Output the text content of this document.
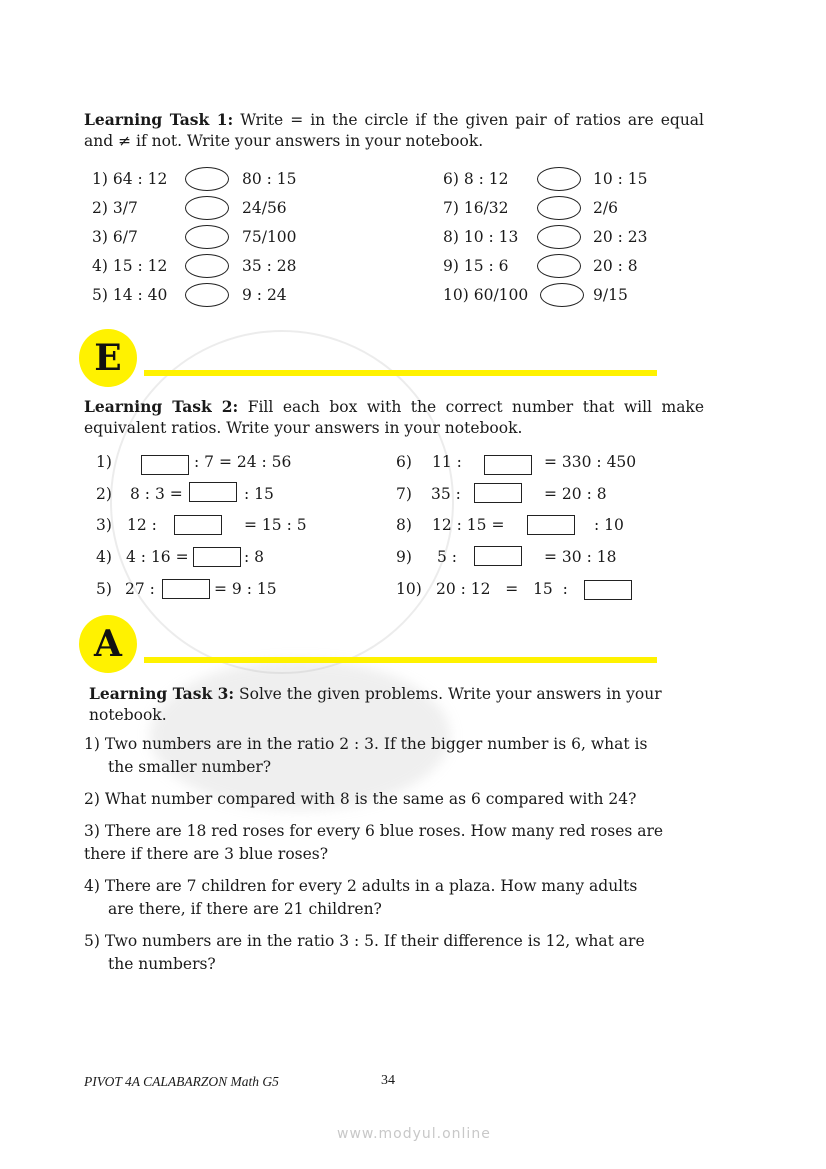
Learning Task 1: Write = in the circle if the given pair of ratios are equal and ≠ if not. Write your answers in your notebook.
1) 64 : 12	80 : 15
2) 3/7	24/56
3) 6/7	75/100
4) 15 : 12	35 : 28
5) 14 : 40	9 : 24
6) 8 : 12	10 : 15
7) 16/32	2/6
8) 10 : 13	20 : 23
9) 15 : 6	20 : 8
10) 60/100	9/15
E
Learning Task 2: Fill each box with the correct number that will make equivalent ratios. Write your answers in your notebook.
1)	: 7 = 24 : 56
2) 8 : 3 =	: 15
3) 12 :	= 15 : 5
4) 4 : 16 =	: 8
5) 27 :	= 9 : 15
6) 11 :	= 330 : 450
7) 35 :	= 20 : 8
8) 12 : 15 =	: 10
9) 5 :	= 30 : 18
10) 20 : 12   =   15  :
A
Learning Task 3: Solve the given problems. Write your answers in your notebook.
1) Two numbers are in the ratio 2 : 3. If the bigger number is 6, what is
the smaller number?
2) What number compared with 8 is the same as 6 compared with 24?
3) There are 18 red roses for every 6 blue roses. How many red roses are
there if there are 3 blue roses?
4) There are 7 children for every 2 adults in a plaza. How many adults
are there, if there are 21 children?
5) Two numbers are in the ratio 3 : 5. If their difference is 12, what are
the numbers?
PIVOT 4A CALABARZON Math G5	34
www.modyul.online
